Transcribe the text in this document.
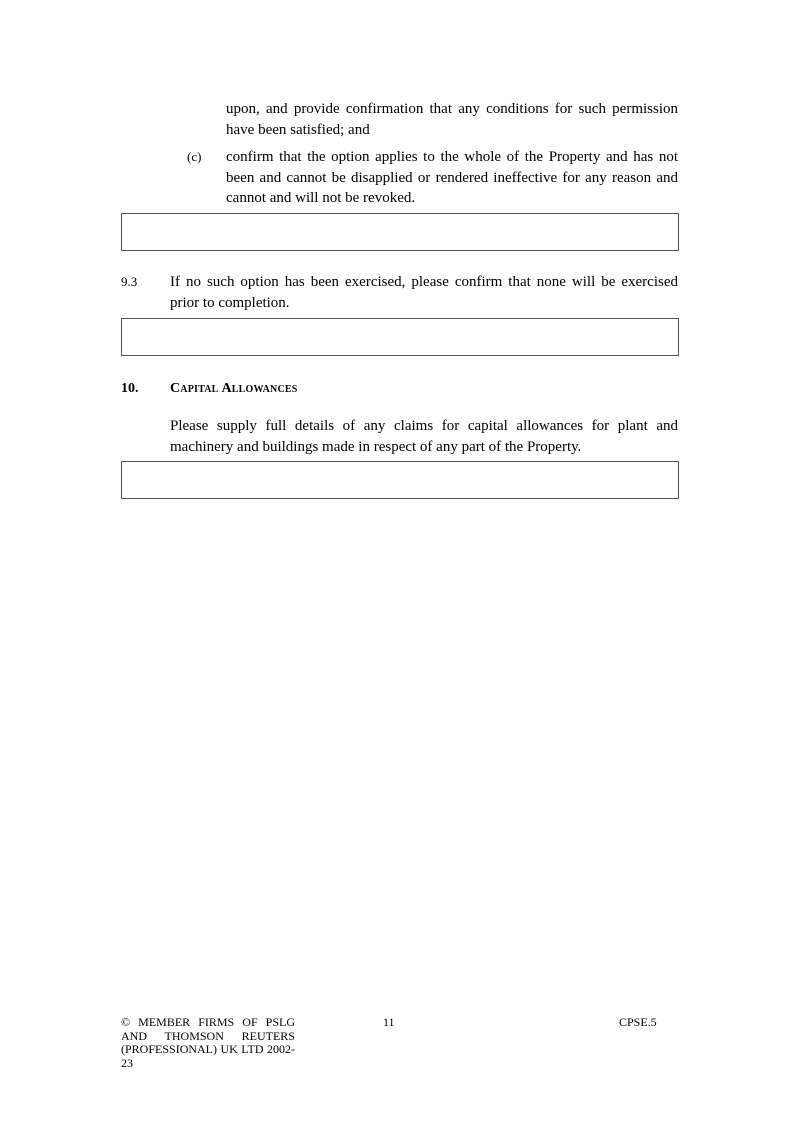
upon, and provide confirmation that any conditions for such permission have been satisfied; and
(c) confirm that the option applies to the whole of the Property and has not been and cannot be disapplied or rendered ineffective for any reason and cannot and will not be revoked.
9.3 If no such option has been exercised, please confirm that none will be exercised prior to completion.
10. Capital Allowances
Please supply full details of any claims for capital allowances for plant and machinery and buildings made in respect of any part of the Property.
© MEMBER FIRMS OF PSLG AND THOMSON REUTERS (PROFESSIONAL) UK LTD 2002-23
11	CPSE.5
